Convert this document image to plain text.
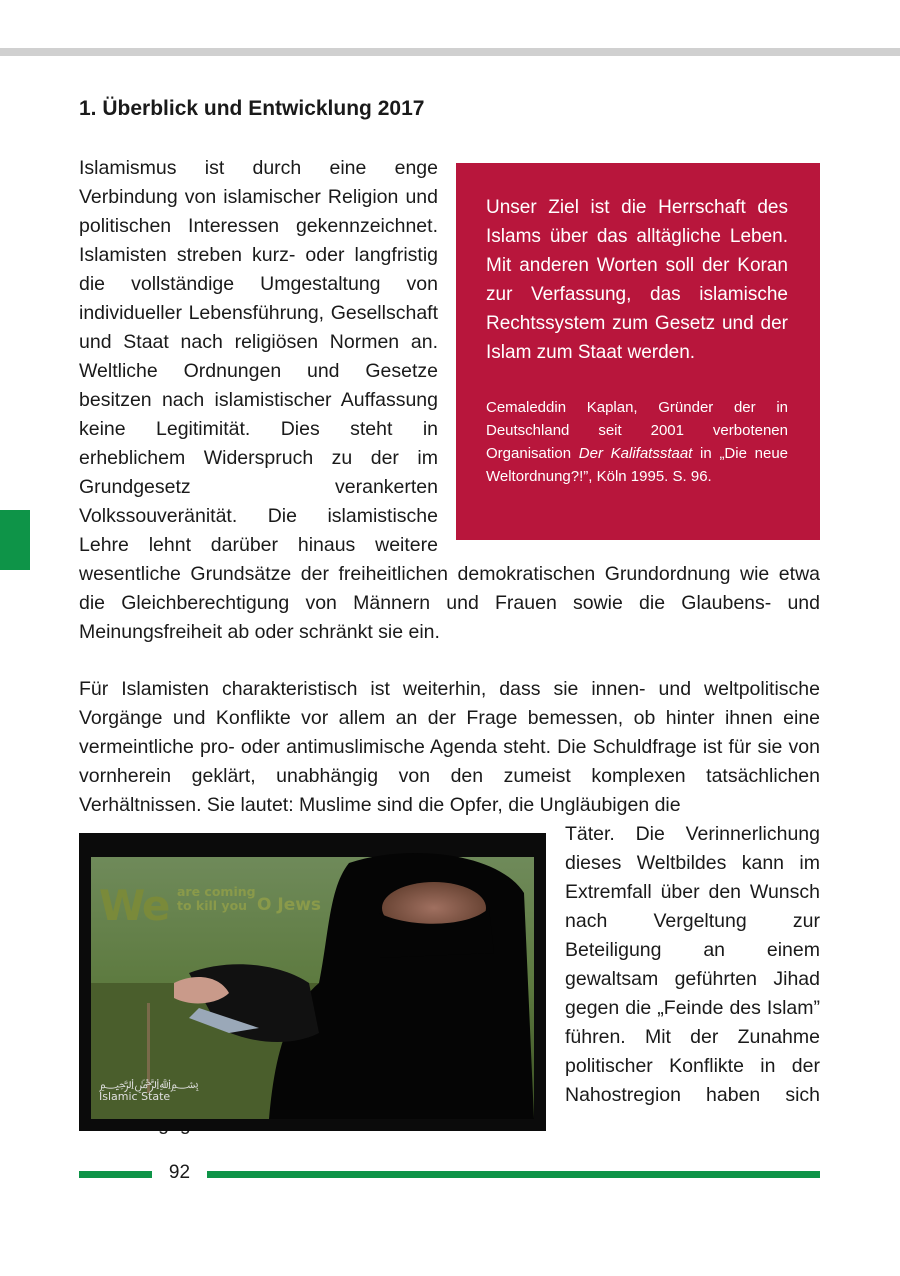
1. Überblick und Entwicklung 2017

Islamismus ist durch eine enge Verbindung von islamischer Religion und politischen Interessen gekennzeichnet. Islamisten streben kurz- oder langfristig die vollständige Umgestaltung von individueller Lebensführung, Gesellschaft und Staat nach religiösen Normen an. Weltliche Ordnungen und Gesetze besitzen nach islamistischer Auffassung keine Legitimität. Dies steht in erheblichem Widerspruch zu der im Grundgesetz verankerten Volkssouveränität. Die islamistische Lehre lehnt darüber hinaus weitere wesentliche Grundsätze der freiheitlichen demokratischen Grundordnung wie etwa die Gleichberechtigung von Männern und Frauen sowie die Glaubens- und Meinungsfreiheit ab oder schränkt sie ein.

Unser Ziel ist die Herrschaft des Islams über das alltägliche Leben. Mit anderen Worten soll der Koran zur Verfassung, das islamische Rechtssystem zum Gesetz und der Islam zum Staat werden.

Cemaleddin Kaplan, Gründer der in Deutschland seit 2001 verbotenen Organisation Der Kalifatsstaat in „Die neue Weltordnung?!”, Köln 1995. S. 96.

Für Islamisten charakteristisch ist weiterhin, dass sie innen- und weltpolitische Vorgänge und Konflikte vor allem an der Frage bemessen, ob hinter ihnen eine vermeintliche pro- oder antimuslimische Agenda steht. Die Schuldfrage ist für sie von vornherein geklärt, unabhängig von den zumeist komplexen tatsächlichen Verhältnissen. Sie lautet: Muslime sind die Opfer, die Ungläubigen die

Täter. Die Verinnerlichung dieses Weltbildes kann im Extremfall über den Wunsch nach Vergeltung zur Beteiligung an einem gewaltsam geführten Jihad gegen die „Feinde des Islam” führen. Mit der Zunahme politischer Konflikte in der Nahostregion haben sich

We are coming
to kill you O Jews
﷽
Islamic State
92
